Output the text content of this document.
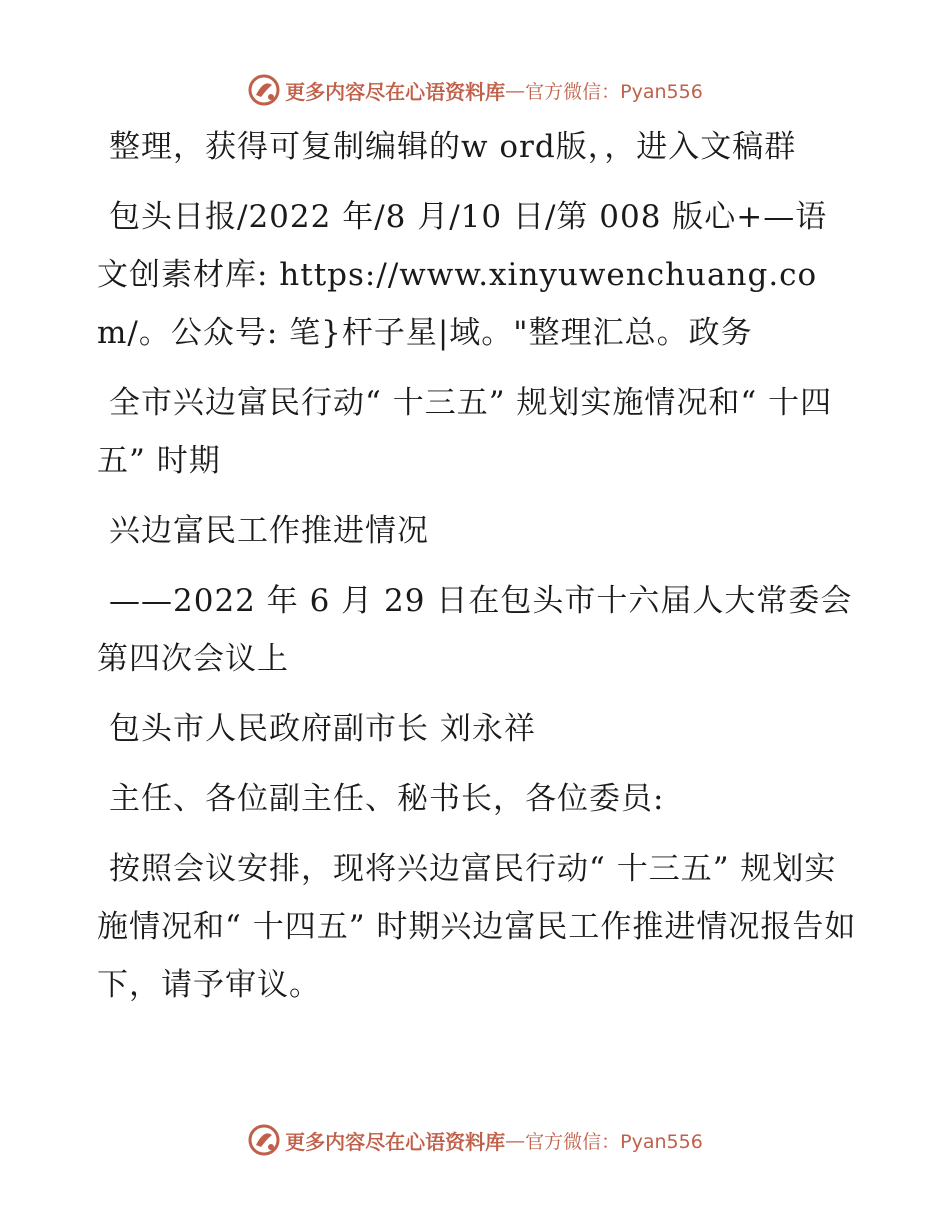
更多内容尽在心语资料库 — 官方微信：Pyan556

整理，获得可复制编辑的w ord版，，进入文稿群

包头日报/2022 年/8 月/10 日/第 008 版心+—语文创素材库: https://www.xinyuwenchuang.com/。公众号: 笔}杆子星|域。"整理汇总。政务

全市兴边富民行动“ 十三五” 规划实施情况和“ 十四五” 时期

兴边富民工作推进情况

——2022 年 6 月 29 日在包头市十六届人大常委会第四次会议上

包头市人民政府副市长 刘永祥

主任、各位副主任、秘书长，各位委员:

按照会议安排，现将兴边富民行动“ 十三五” 规划实施情况和“ 十四五” 时期兴边富民工作推进情况报告如下，请予审议。

更多内容尽在心语资料库 — 官方微信：Pyan556
